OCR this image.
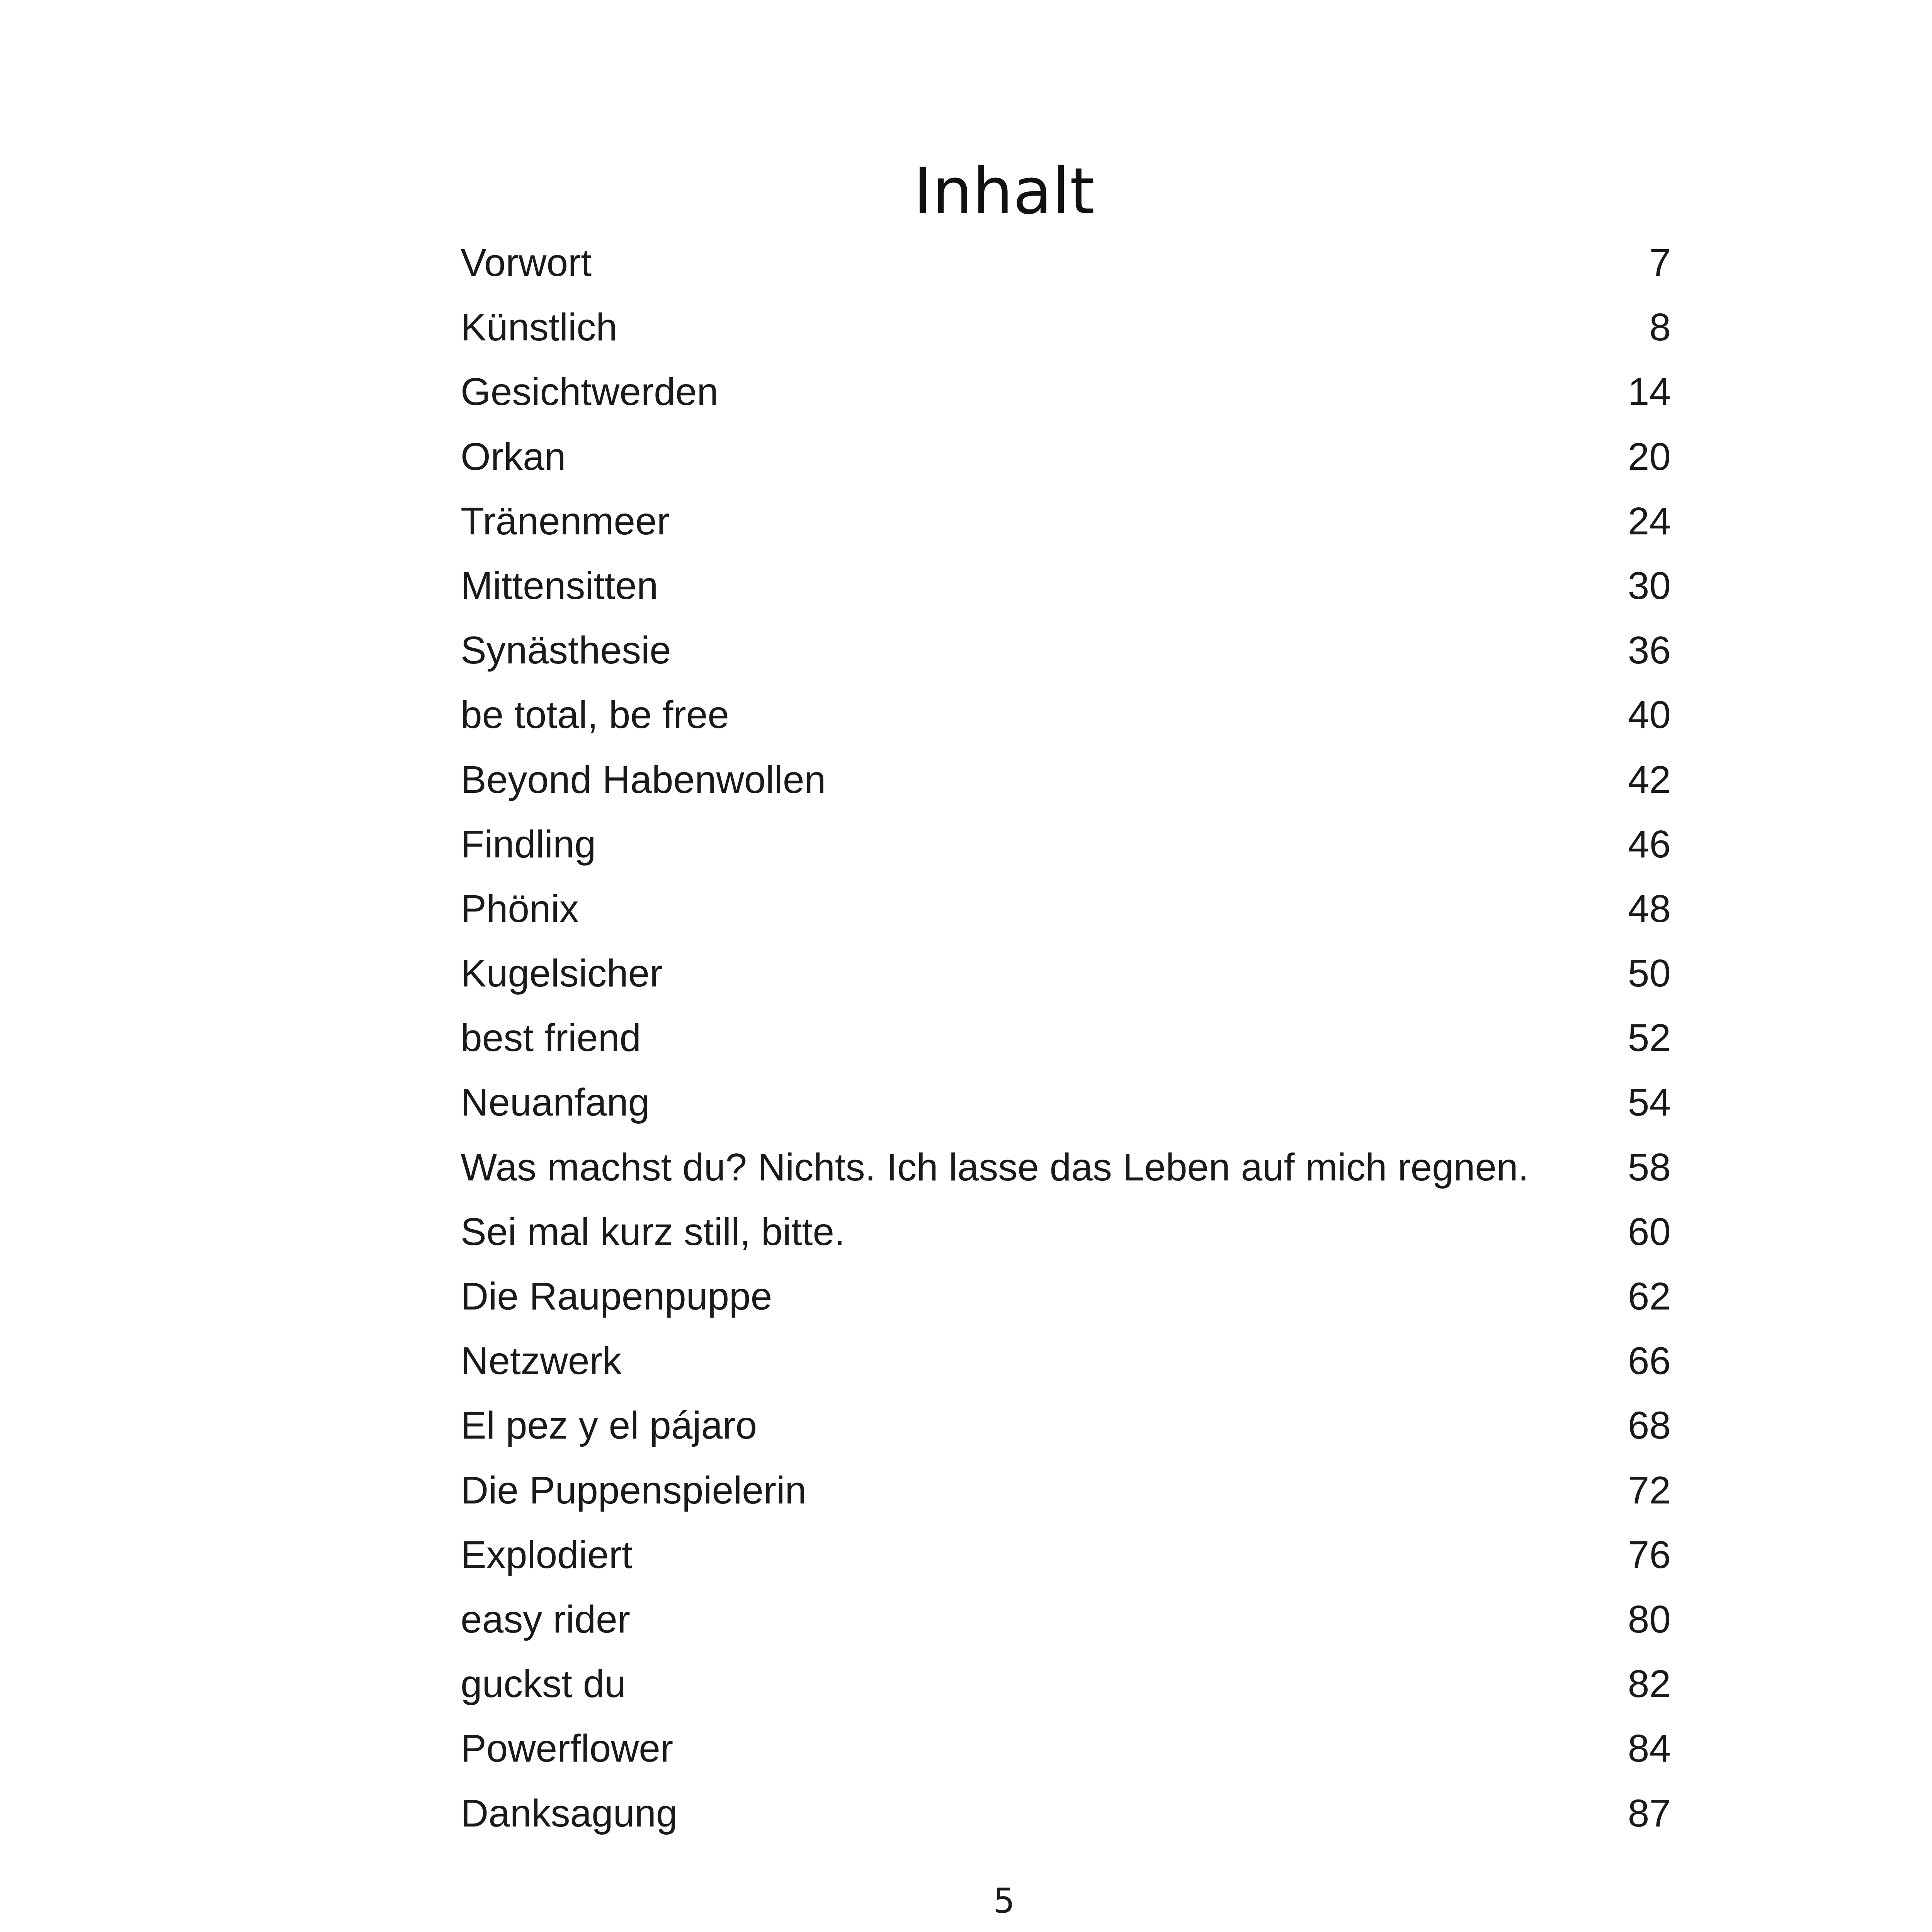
Inhalt
Vorwort	7
Künstlich	8
Gesichtwerden	14
Orkan	20
Tränenmeer	24
Mittensitten	30
Synästhesie	36
be total, be free	40
Beyond Habenwollen	42
Findling	46
Phönix	48
Kugelsicher	50
best friend	52
Neuanfang	54
Was machst du? Nichts. Ich lasse das Leben auf mich regnen.	58
Sei mal kurz still, bitte.	60
Die Raupenpuppe	62
Netzwerk	66
El pez y el pájaro	68
Die Puppenspielerin	72
Explodiert	76
easy rider	80
guckst du	82
Powerflower	84
Danksagung	87
5
